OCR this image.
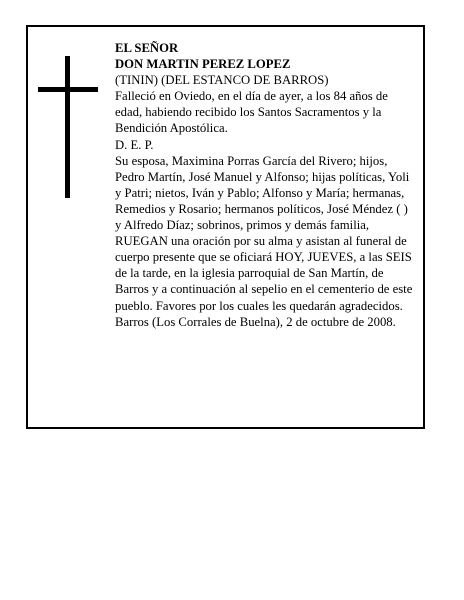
EL SEÑOR

DON MARTIN PEREZ LOPEZ

(TININ) (DEL ESTANCO DE BARROS)

Falleció en Oviedo, en el día de ayer, a los 84 años de edad, habiendo recibido los Santos Sacramentos y la Bendición Apostólica.

D. E. P.

Su esposa, Maximina Porras García del Rivero; hijos, Pedro Martín, José Manuel y Alfonso; hijas políticas, Yoli y Patri; nietos, Iván y Pablo; Alfonso y María; hermanas, Remedios y Rosario; hermanos políticos, José Méndez ( ) y Alfredo Díaz; sobrinos, primos y demás familia,

RUEGAN una oración por su alma y asistan al funeral de cuerpo presente que se oficiará HOY, JUEVES, a las SEIS de la tarde, en la iglesia parroquial de San Martín, de Barros y a continuación al sepelio en el cementerio de este pueblo. Favores por los cuales les quedarán agradecidos.

Barros (Los Corrales de Buelna), 2 de octubre de 2008.
